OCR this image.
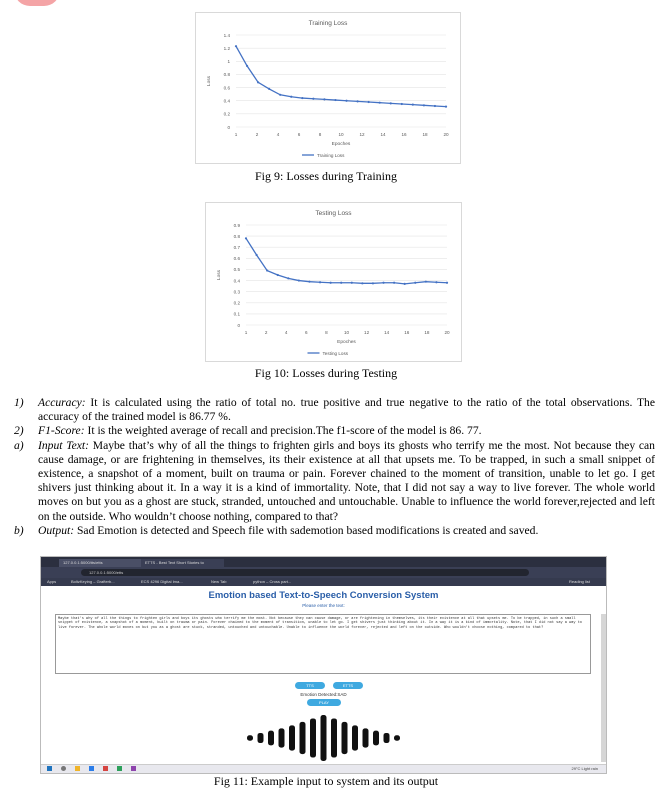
Training Loss
0
0.2
0.4
0.6
0.8
1
1.2
1.4
1	2	4	6	8	10	12	14	16	18	20
Epoches
Loss
Training Loss
Fig 9: Losses during Training
Testing Loss
0
0.1
0.2
0.3
0.4
0.5
0.6
0.7
0.8
0.9
1	2	4	6	8	10	12	14	16	18	20
Epoches
Loss
Testing Loss
Fig 10: Losses during Testing
1) Accuracy: It is calculated using the ratio of total no. true positive and true negative to the ratio of the total observations. The accuracy of the trained model is 86.77 %.
2) F1-Score: It is the weighted average of recall and precision.The f1-score of the model is 86. 77.
a) Input Text: Maybe that’s why of all the things to frighten girls and boys its ghosts who terrify me the most. Not because they can cause damage, or are frightening in themselves, its their existence at all that upsets me. To be trapped, in such a small snippet of existence, a snapshot of a moment, built on trauma or pain. Forever chained to the moment of transition, unable to let go. I get shivers just thinking about it. In a way it is a kind of immortality. Note, that I did not say a way to live forever. The whole world moves on but you as a ghost are stuck, stranded, untouched and untouchable. Unable to influence the world forever,rejected and left on the outside. Who wouldn’t choose nothing, compared to that?
b) Output: Sad Emotion is detected and Speech file with sademotion based modifications is created and saved.
127.0.0.1:5000/tts/etts	ETTS - Best Text Short Stories to
127.0.0.1:5000/etts
Apps	BoltzKeying – Grafterb...	ECS 4296 Digital Ima...	New Tab	python – Cross part...	Reading list
Emotion based Text-to-Speech Conversion System
Please enter the text:
Maybe that's why of all the things to frighten girls and boys its ghosts who terrify me the most. Not because they can cause damage, or are frightening in themselves, its their existence at all that upsets me. To be trapped, in such a small snippet of existence, a snapshot of a moment, built on trauma or pain. Forever chained to the moment of transition, unable to let go. I get shivers just thinking about it. In a way it is a kind of immortality. Note, that I did not say a way to live forever. The whole world moves on but you as a ghost are stuck, stranded, untouched and untouchable. Unable to influence the world forever, rejected and left on the outside. Who wouldn't choose nothing, compared to that?
TTS	ETTS
Emotion Detected:SAD
PLAY
29°C Light rain
Fig 11: Example input to system and its output
